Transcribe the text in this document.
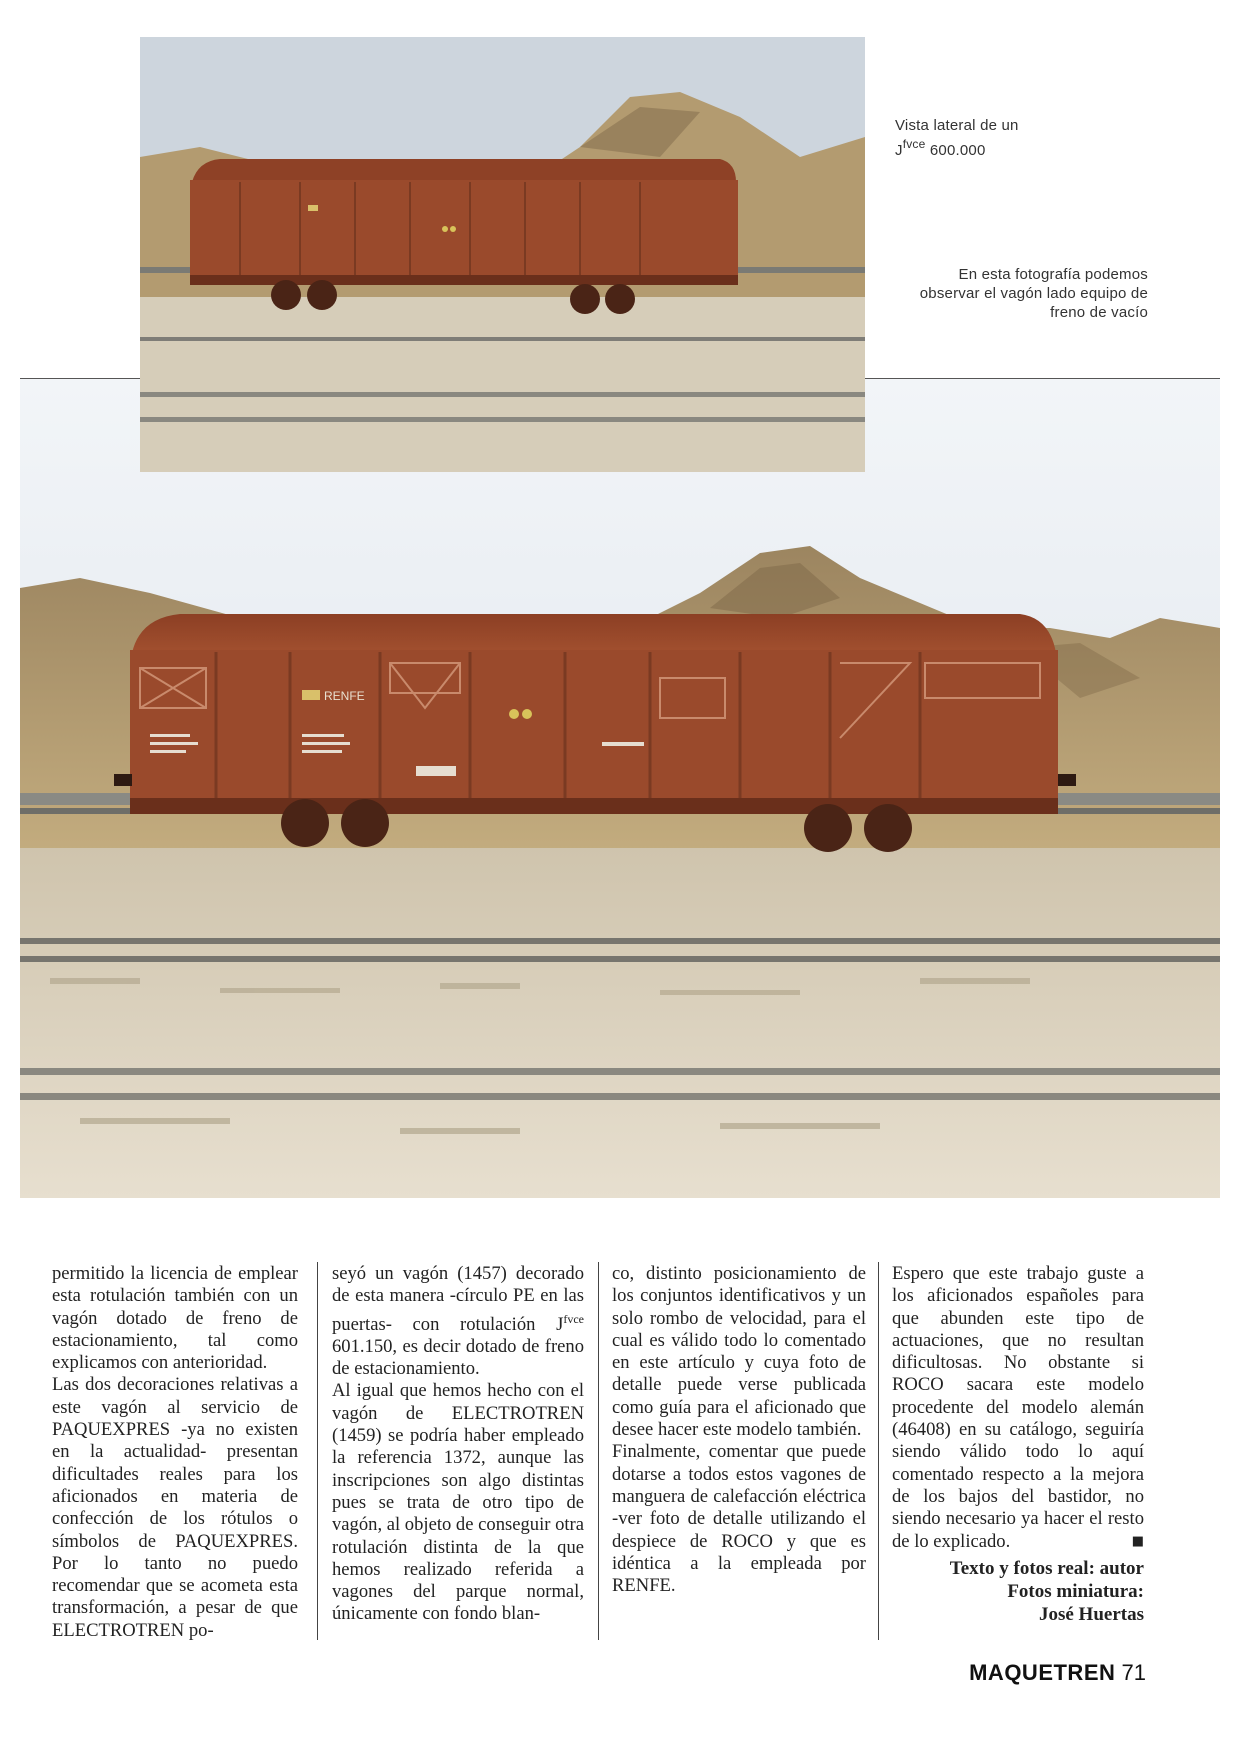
RENFE
Vista lateral de un
$J^{fvce}$ 600.000
En esta fotografía podemos observar el vagón lado equipo de freno de vacío

permitido la licencia de emplear esta rotulación también con un vagón dotado de freno de estacionamiento, tal como explicamos con anterioridad.

Las dos decoraciones relativas a este vagón al servicio de PAQUEXPRES -ya no existen en la actualidad- presentan dificultades reales para los aficionados en materia de confección de los rótulos o símbolos de PAQUEXPRES. Por lo tanto no puedo recomendar que se acometa esta transformación, a pesar de que ELECTROTREN po-

seyó un vagón (1457) decorado de esta manera -círculo PE en las puertas- con rotulación $J^{fvce}$ 601.150, es decir dotado de freno de estacionamiento.

Al igual que hemos hecho con el vagón de ELECTROTREN (1459) se podría haber empleado la referencia 1372, aunque las inscripciones son algo distintas pues se trata de otro tipo de vagón, al objeto de conseguir otra rotulación distinta de la que hemos realizado referida a vagones del parque normal, únicamente con fondo blan-

co, distinto posicionamiento de los conjuntos identificativos y un solo rombo de velocidad, para el cual es válido todo lo comentado en este artículo y cuya foto de detalle puede verse publicada como guía para el aficionado que desee hacer este modelo también.

Finalmente, comentar que puede dotarse a todos estos vagones de manguera de calefacción eléctrica -ver foto de detalle utilizando el despiece de ROCO y que es idéntica a la empleada por RENFE.

Espero que este trabajo guste a los aficionados españoles para que abunden este tipo de actuaciones, que no resultan dificultosas. No obstante si ROCO sacara este modelo procedente del modelo alemán (46408) en su catálogo, seguiría siendo válido todo lo aquí comentado respecto a la mejora de los bajos del bastidor, no siendo necesario ya hacer el resto de lo explicado.	■

Texto y fotos real: autor
Fotos miniatura:
José Huertas
MAQUETREN 71
